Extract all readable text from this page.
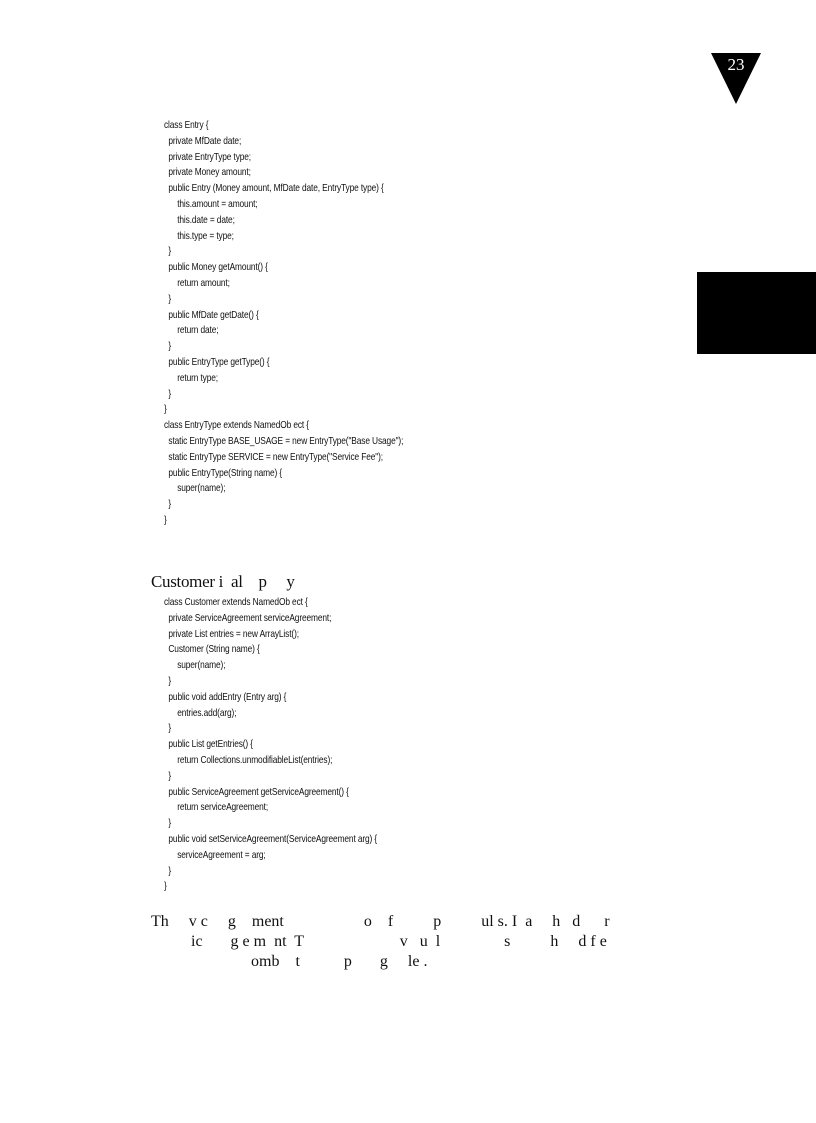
23
class Entry {
private MfDate date;
private EntryType type;
private Money amount;
public Entry (Money amount, MfDate date, EntryType type) {
this.amount = amount;
this.date = date;
this.type = type;
}
public Money getAmount() {
return amount;
}
public MfDate getDate() {
return date;
}
public EntryType getType() {
return type;
}
}
class EntryType extends NamedOb ect {
static EntryType BASE_USAGE = new EntryType("Base Usage");
static EntryType SERVICE = new EntryType("Service Fee");
public EntryType(String name) {
super(name);
}
}
Customer i  al    p     y
class Customer extends NamedOb ect {
private ServiceAgreement serviceAgreement;
private List entries = new ArrayList();
Customer (String name) {
super(name);
}
public void addEntry (Entry arg) {
entries.add(arg);
}
public List getEntries() {
return Collections.unmodifiableList(entries);
}
public ServiceAgreement getServiceAgreement() {
return serviceAgreement;
}
public void setServiceAgreement(ServiceAgreement arg) {
serviceAgreement = arg;
}
}
Th     v c     g    ment                    o    f          p          ul s. I  a     h   d      r
ic       g e m  nt  T                        v   u  l                s          h     d f e
omb    t           p       g     le .
